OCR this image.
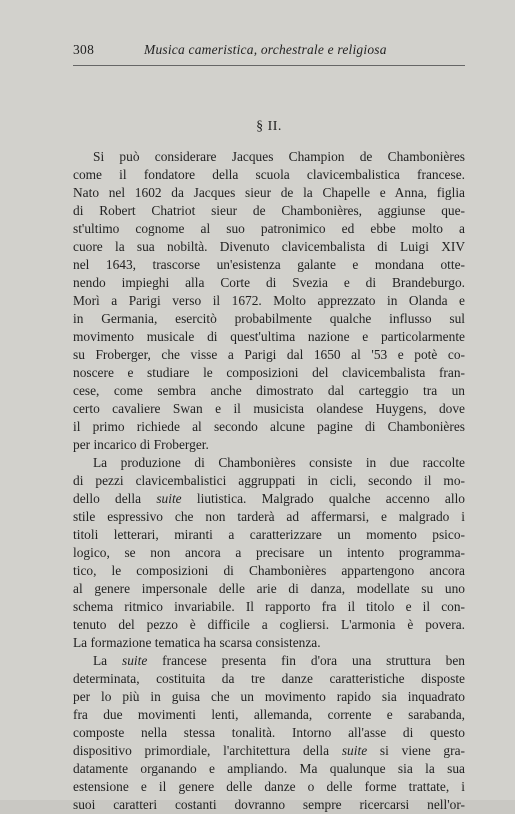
308	Musica cameristica, orchestrale e religiosa
§ II.
Si può considerare Jacques Champion de Chambonières
come il fondatore della scuola clavicembalistica francese.
Nato nel 1602 da Jacques sieur de la Chapelle e Anna, figlia
di Robert Chatriot sieur de Chambonières, aggiunse que-
st'ultimo cognome al suo patronimico ed ebbe molto a
cuore la sua nobiltà. Divenuto clavicembalista di Luigi XIV
nel 1643, trascorse un'esistenza galante e mondana otte-
nendo impieghi alla Corte di Svezia e di Brandeburgo.
Morì a Parigi verso il 1672. Molto apprezzato in Olanda e
in Germania, esercitò probabilmente qualche influsso sul
movimento musicale di quest'ultima nazione e particolarmente
su Froberger, che visse a Parigi dal 1650 al '53 e potè co-
noscere e studiare le composizioni del clavicembalista fran-
cese, come sembra anche dimostrato dal carteggio tra un
certo cavaliere Swan e il musicista olandese Huygens, dove
il primo richiede al secondo alcune pagine di Chambonières
per incarico di Froberger.
La produzione di Chambonières consiste in due raccolte
di pezzi clavicembalistici aggruppati in cicli, secondo il mo-
dello della suite liutistica. Malgrado qualche accenno allo
stile espressivo che non tarderà ad affermarsi, e malgrado i
titoli letterari, miranti a caratterizzare un momento psico-
logico, se non ancora a precisare un intento programma-
tico, le composizioni di Chambonières appartengono ancora
al genere impersonale delle arie di danza, modellate su uno
schema ritmico invariabile. Il rapporto fra il titolo e il con-
tenuto del pezzo è difficile a cogliersi. L'armonia è povera.
La formazione tematica ha scarsa consistenza.
La suite francese presenta fin d'ora una struttura ben
determinata, costituita da tre danze caratteristiche disposte
per lo più in guisa che un movimento rapido sia inquadrato
fra due movimenti lenti, allemanda, corrente e sarabanda,
composte nella stessa tonalità. Intorno all'asse di questo
dispositivo primordiale, l'architettura della suite si viene gra-
datamente organando e ampliando. Ma qualunque sia la sua
estensione e il genere delle danze o delle forme trattate, i
suoi caratteri costanti dovranno sempre ricercarsi nell'or-
